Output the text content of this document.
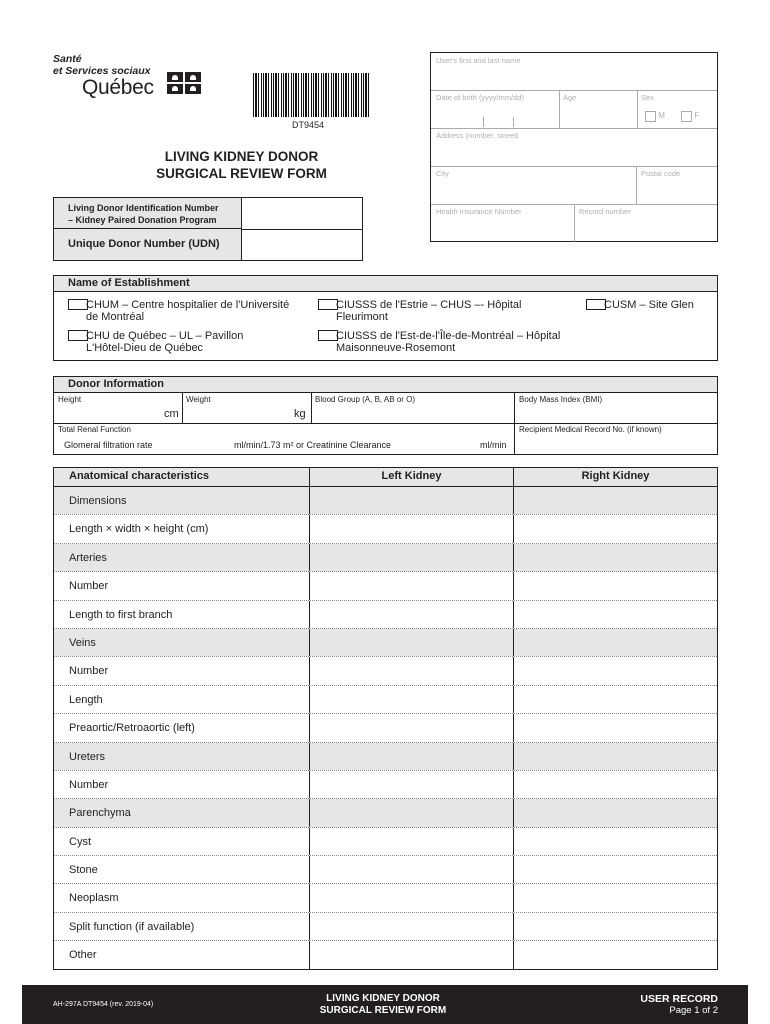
Santé
et Services sociaux
Québec
DT9454
LIVING KIDNEY DONOR
SURGICAL REVIEW FORM
User's first and last name
Date of birth (yyyy/mm/dd)	Age	Sex
M	F
Address (number, street)
City	Postal code
Health Insurance Number	Record number
Living Donor Identification Number
– Kidney Paired Donation Program
Unique Donor Number (UDN)
Name of Establishment
CHUM – Centre hospitalier de l'Université
de Montréal
CIUSSS de l'Estrie – CHUS –- Hôpital
Fleurimont
CUSM – Site Glen
CHU de Québec – UL – Pavillon
L'Hôtel-Dieu de Québec
CIUSSS de l'Est-de-l'Île-de-Montréal – Hôpital
Maisonneuve-Rosemont
Donor Information
Height
cm
Weight
kg
Blood Group (A, B, AB or O)	Body Mass Index (BMI)
Total Renal Function
Glomeral filtration rate	ml/min/1.73 m² or Creatinine Clearance	ml/min
Recipient Medical Record No. (if known)
Anatomical characteristics	Left Kidney	Right Kidney
Dimensions
Length × width × height (cm)
Arteries
Number
Length to first branch
Veins
Number
Length
Preaortic/Retroaortic (left)
Ureters
Number
Parenchyma
Cyst
Stone
Neoplasm
Split function (if available)
Other
AH-297A DT9454 (rev. 2019-04)
LIVING KIDNEY DONOR
SURGICAL REVIEW FORM
USER RECORD
Page 1 of 2
